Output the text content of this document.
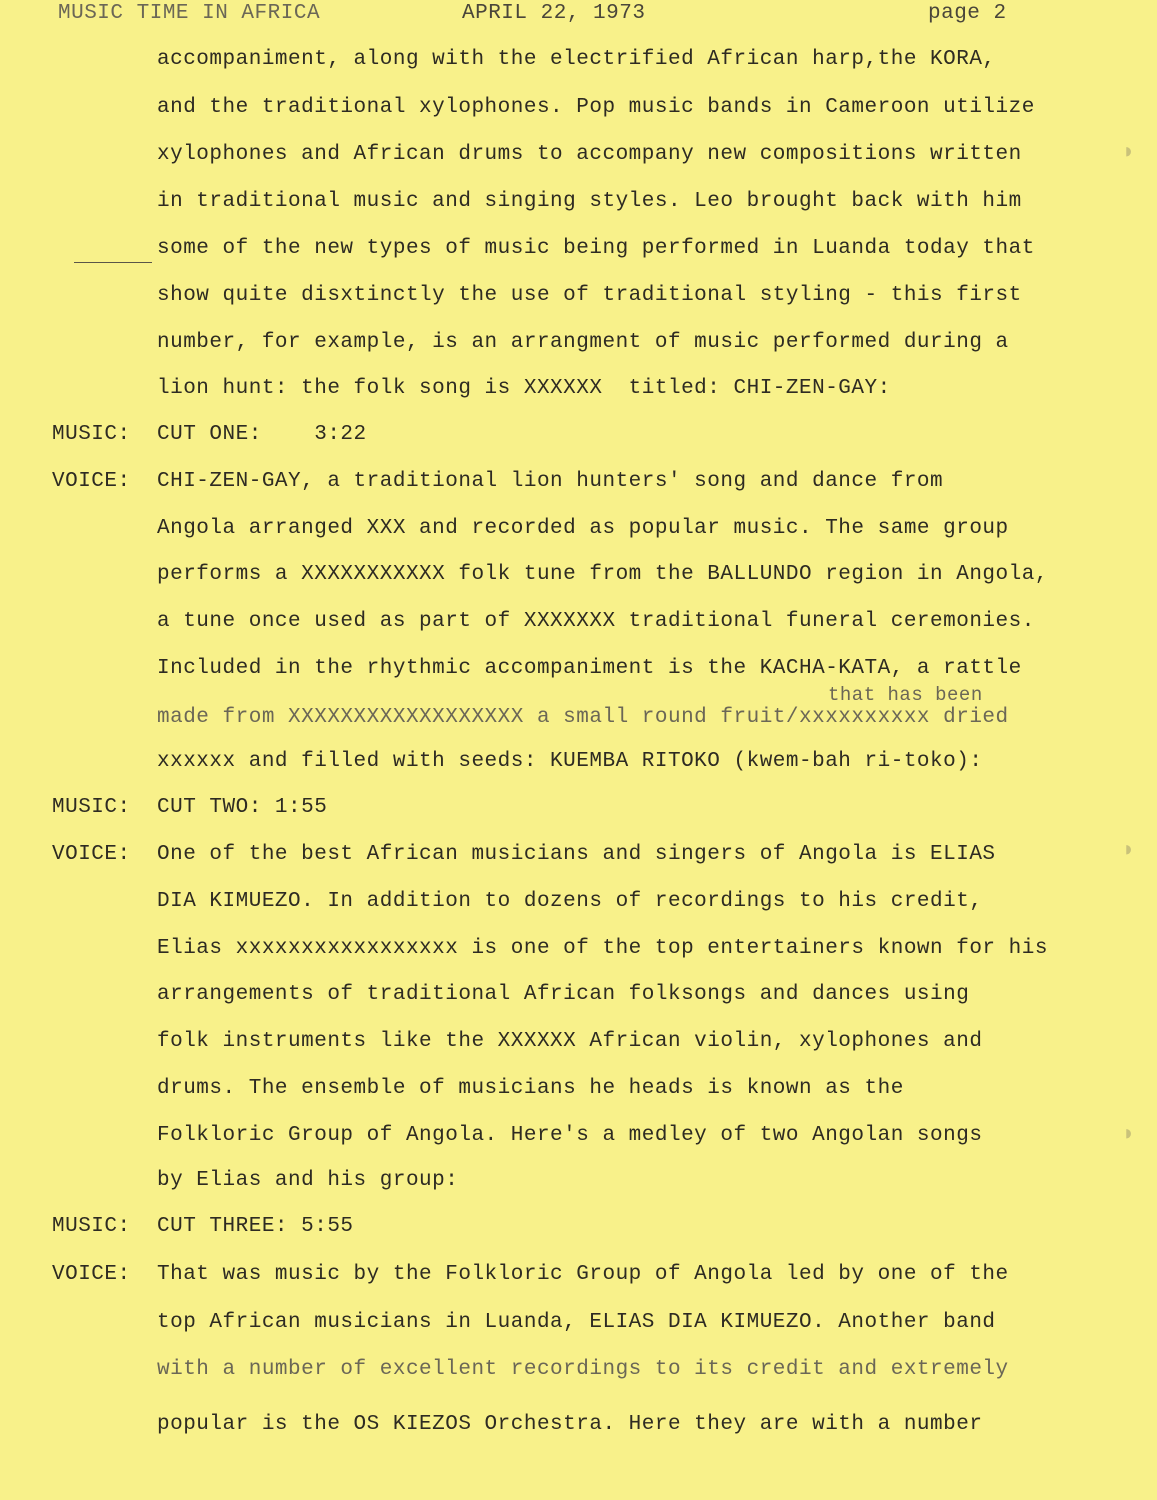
MUSIC TIME IN AFRICA	APRIL 22, 1973	page 2
◗
◗
◗
accompaniment, along with the electrified African harp,the KORA,
and the traditional xylophones. Pop music bands in Cameroon utilize
xylophones and African drums to accompany new compositions written
in traditional music and singing styles. Leo brought back with him
some of the new types of music being performed in Luanda today that
show quite disxtinctly the use of traditional styling - this first
number, for example, is an arrangment of music performed during a
lion hunt: the folk song is XXXXXX  titled: CHI-ZEN-GAY:
MUSIC: CUT ONE:    3:22
VOICE: CHI-ZEN-GAY, a traditional lion hunters' song and dance from
Angola arranged XXX and recorded as popular music. The same group
performs a XXXXXXXXXXX folk tune from the BALLUNDO region in Angola,
a tune once used as part of XXXXXXX traditional funeral ceremonies.
Included in the rhythmic accompaniment is the KACHA-KATA, a rattle
that has been
made from XXXXXXXXXXXXXXXXXX a small round fruit/xxxxxxxxxx dried
xxxxxx and filled with seeds: KUEMBA RITOKO (kwem-bah ri-toko):
MUSIC: CUT TWO: 1:55
VOICE: One of the best African musicians and singers of Angola is ELIAS
DIA KIMUEZO. In addition to dozens of recordings to his credit,
Elias xxxxxxxxxxxxxxxxx is one of the top entertainers known for his
arrangements of traditional African folksongs and dances using
folk instruments like the XXXXXX African violin, xylophones and
drums. The ensemble of musicians he heads is known as the
Folkloric Group of Angola. Here's a medley of two Angolan songs
by Elias and his group:
MUSIC: CUT THREE: 5:55
VOICE: That was music by the Folkloric Group of Angola led by one of the
top African musicians in Luanda, ELIAS DIA KIMUEZO. Another band
with a number of excellent recordings to its credit and extremely
popular is the OS KIEZOS Orchestra. Here they are with a number
